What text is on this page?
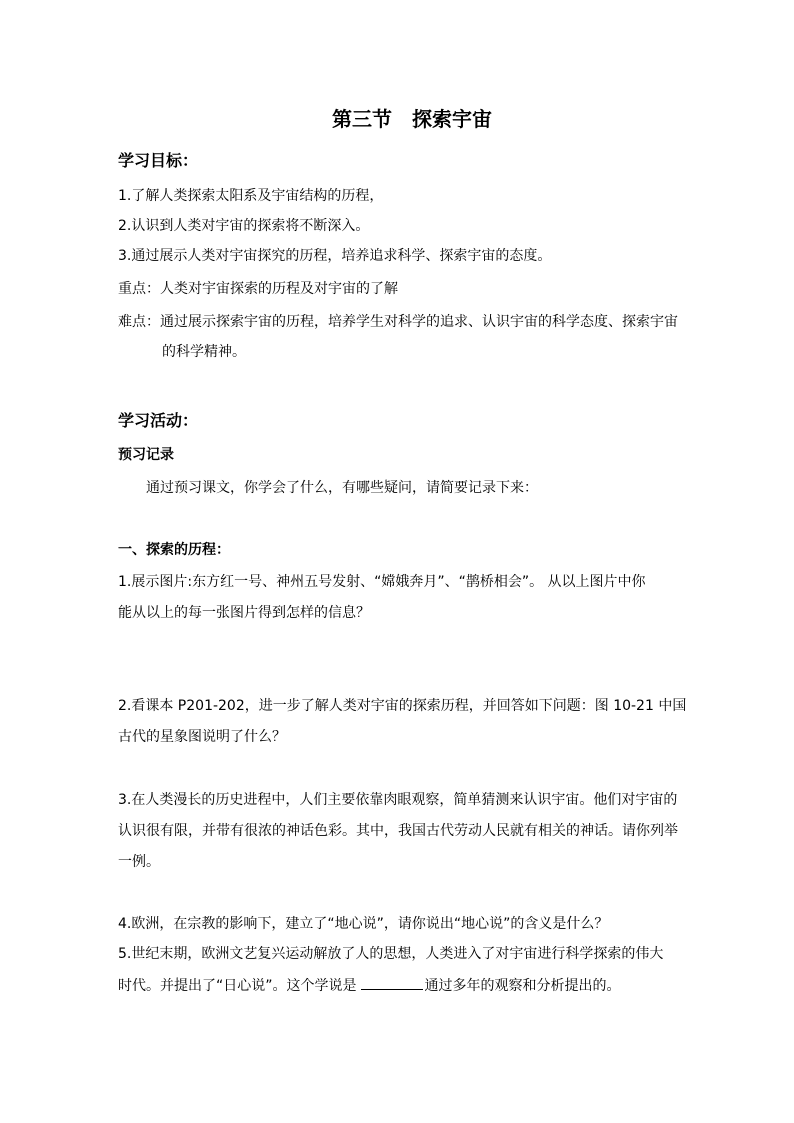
第三节　探索宇宙
学习目标：
1.了解人类探索太阳系及宇宙结构的历程，
2.认识到人类对宇宙的探索将不断深入。
3.通过展示人类对宇宙探究的历程，培养追求科学、探索宇宙的态度。
重点：人类对宇宙探索的历程及对宇宙的了解
难点：通过展示探索宇宙的历程，培养学生对科学的追求、认识宇宙的科学态度、探索宇宙
的科学精神。
学习活动：
预习记录
通过预习课文，你学会了什么，有哪些疑问，请简要记录下来：
一、探索的历程：
1.展示图片:东方红一号、神州五号发射、“嫦娥奔月”、“鹊桥相会”。 从以上图片中你
能从以上的每一张图片得到怎样的信息？
2.看课本 P201-202，进一步了解人类对宇宙的探索历程，并回答如下问题：图 10-21 中国
古代的星象图说明了什么？
3.在人类漫长的历史进程中，人们主要依靠肉眼观察，简单猜测来认识宇宙。他们对宇宙的
认识很有限，并带有很浓的神话色彩。其中，我国古代劳动人民就有相关的神话。请你列举
一例。
4.欧洲，在宗教的影响下，建立了“地心说”，请你说出“地心说”的含义是什么？
5.世纪末期，欧洲文艺复兴运动解放了人的思想，人类进入了对宇宙进行科学探索的伟大
时代。并提出了“日心说”。这个学说是	通过多年的观察和分析提出的。
